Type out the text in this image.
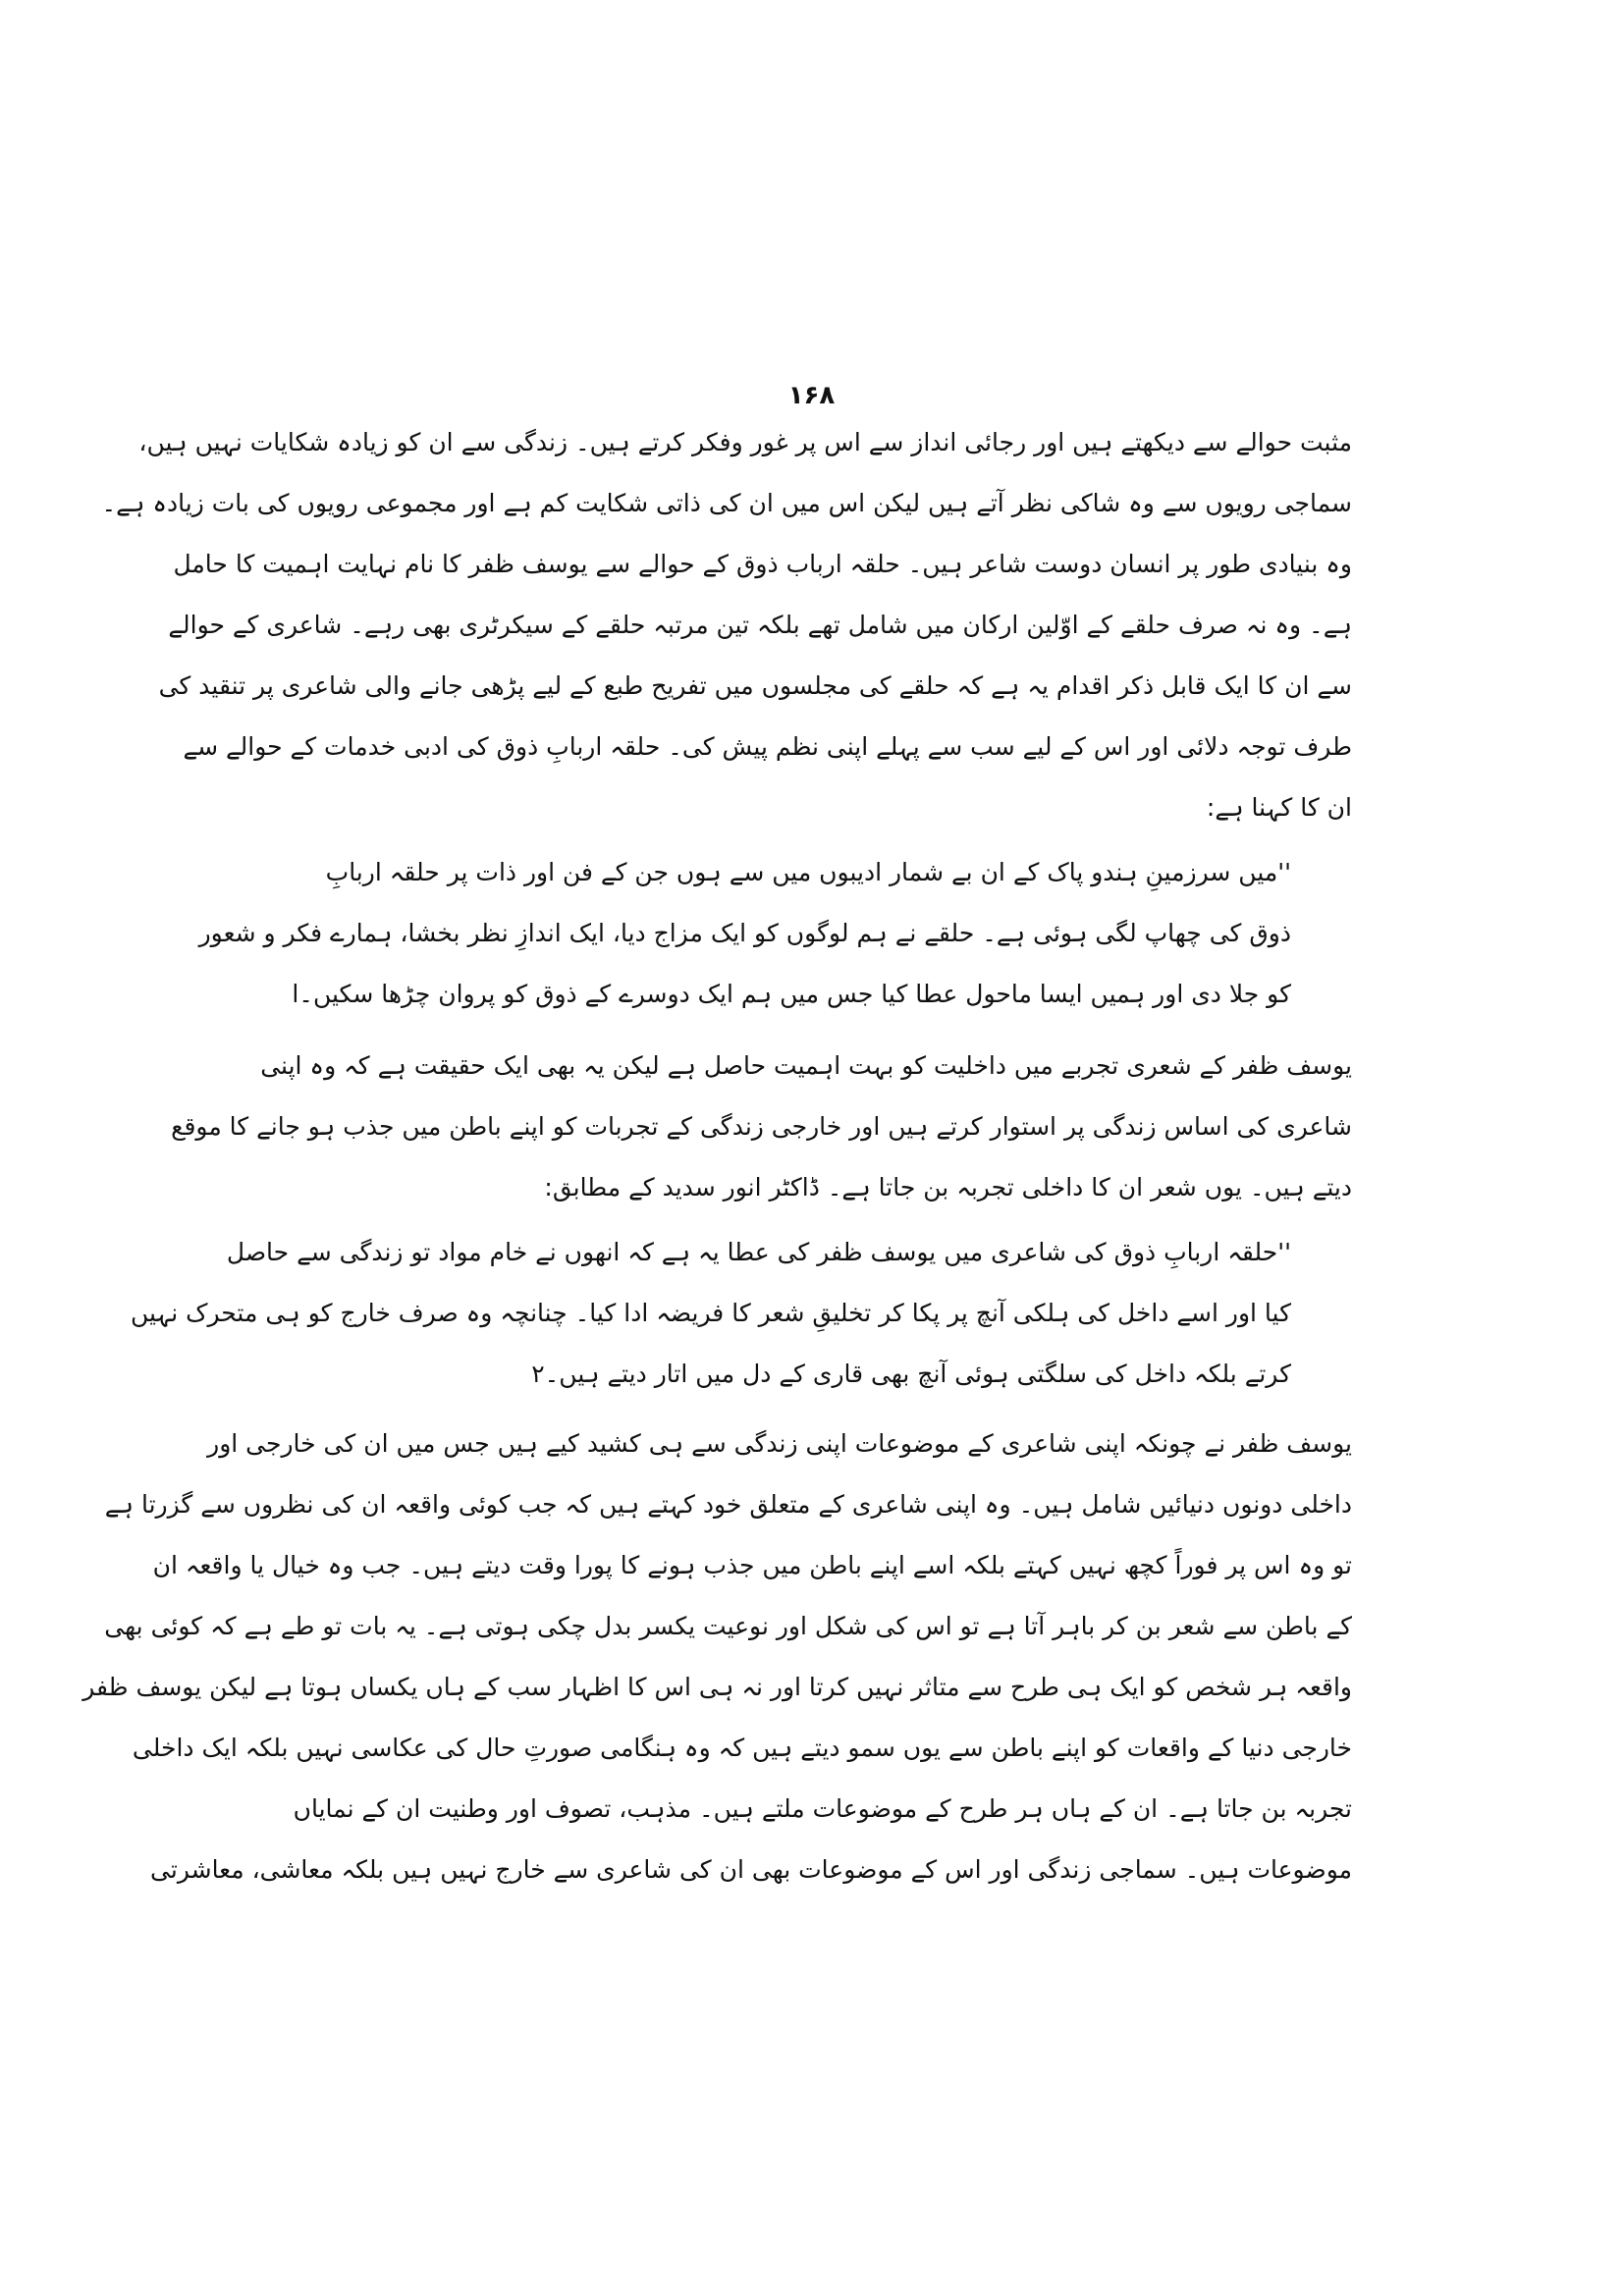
۱۶۸

مثبت حوالے سے دیکھتے ہیں اور رجائی انداز سے اس پر غور وفکر کرتے ہیں۔ زندگی سے ان کو زیادہ شکایات نہیں ہیں،
سماجی رویوں سے وہ شاکی نظر آتے ہیں لیکن اس میں ان کی ذاتی شکایت کم ہے اور مجموعی رویوں کی بات زیادہ ہے۔
وہ بنیادی طور پر انسان دوست شاعر ہیں۔ حلقہ ارباب ذوق کے حوالے سے یوسف ظفر کا نام نہایت اہمیت کا حامل
ہے۔ وہ نہ صرف حلقے کے اوّلین ارکان میں شامل تھے بلکہ تین مرتبہ حلقے کے سیکرٹری بھی رہے۔ شاعری کے حوالے
سے ان کا ایک قابل ذکر اقدام یہ ہے کہ حلقے کی مجلسوں میں تفریح طبع کے لیے پڑھی جانے والی شاعری پر تنقید کی
طرف توجہ دلائی اور اس کے لیے سب سے پہلے اپنی نظم پیش کی۔ حلقہ اربابِ ذوق کی ادبی خدمات کے حوالے سے
ان کا کہنا ہے:

''میں سرزمینِ ہندو پاک کے ان بے شمار ادیبوں میں سے ہوں جن کے فن اور ذات پر حلقہ اربابِ
ذوق کی چھاپ لگی ہوئی ہے۔ حلقے نے ہم لوگوں کو ایک مزاج دیا، ایک اندازِ نظر بخشا، ہمارے فکر و شعور
کو جلا دی اور ہمیں ایسا ماحول عطا کیا جس میں ہم ایک دوسرے کے ذوق کو پروان چڑھا سکیں۔ا

یوسف ظفر کے شعری تجربے میں داخلیت کو بہت اہمیت حاصل ہے لیکن یہ بھی ایک حقیقت ہے کہ وہ اپنی
شاعری کی اساس زندگی پر استوار کرتے ہیں اور خارجی زندگی کے تجربات کو اپنے باطن میں جذب ہو جانے کا موقع
دیتے ہیں۔ یوں شعر ان کا داخلی تجربہ بن جاتا ہے۔ ڈاکٹر انور سدید کے مطابق:

''حلقہ اربابِ ذوق کی شاعری میں یوسف ظفر کی عطا یہ ہے کہ انھوں نے خام مواد تو زندگی سے حاصل
کیا اور اسے داخل کی ہلکی آنچ پر پکا کر تخلیقِ شعر کا فریضہ ادا کیا۔ چنانچہ وہ صرف خارج کو ہی متحرک نہیں
کرتے بلکہ داخل کی سلگتی ہوئی آنچ بھی قاری کے دل میں اتار دیتے ہیں۔۲

یوسف ظفر نے چونکہ اپنی شاعری کے موضوعات اپنی زندگی سے ہی کشید کیے ہیں جس میں ان کی خارجی اور
داخلی دونوں دنیائیں شامل ہیں۔ وہ اپنی شاعری کے متعلق خود کہتے ہیں کہ جب کوئی واقعہ ان کی نظروں سے گزرتا ہے
تو وہ اس پر فوراً کچھ نہیں کہتے بلکہ اسے اپنے باطن میں جذب ہونے کا پورا وقت دیتے ہیں۔ جب وہ خیال یا واقعہ ان
کے باطن سے شعر بن کر باہر آتا ہے تو اس کی شکل اور نوعیت یکسر بدل چکی ہوتی ہے۔ یہ بات تو طے ہے کہ کوئی بھی
واقعہ ہر شخص کو ایک ہی طرح سے متاثر نہیں کرتا اور نہ ہی اس کا اظہار سب کے ہاں یکساں ہوتا ہے لیکن یوسف ظفر
خارجی دنیا کے واقعات کو اپنے باطن سے یوں سمو دیتے ہیں کہ وہ ہنگامی صورتِ حال کی عکاسی نہیں بلکہ ایک داخلی
تجربہ بن جاتا ہے۔ ان کے ہاں ہر طرح کے موضوعات ملتے ہیں۔ مذہب، تصوف اور وطنیت ان کے نمایاں
موضوعات ہیں۔ سماجی زندگی اور اس کے موضوعات بھی ان کی شاعری سے خارج نہیں ہیں بلکہ معاشی، معاشرتی
